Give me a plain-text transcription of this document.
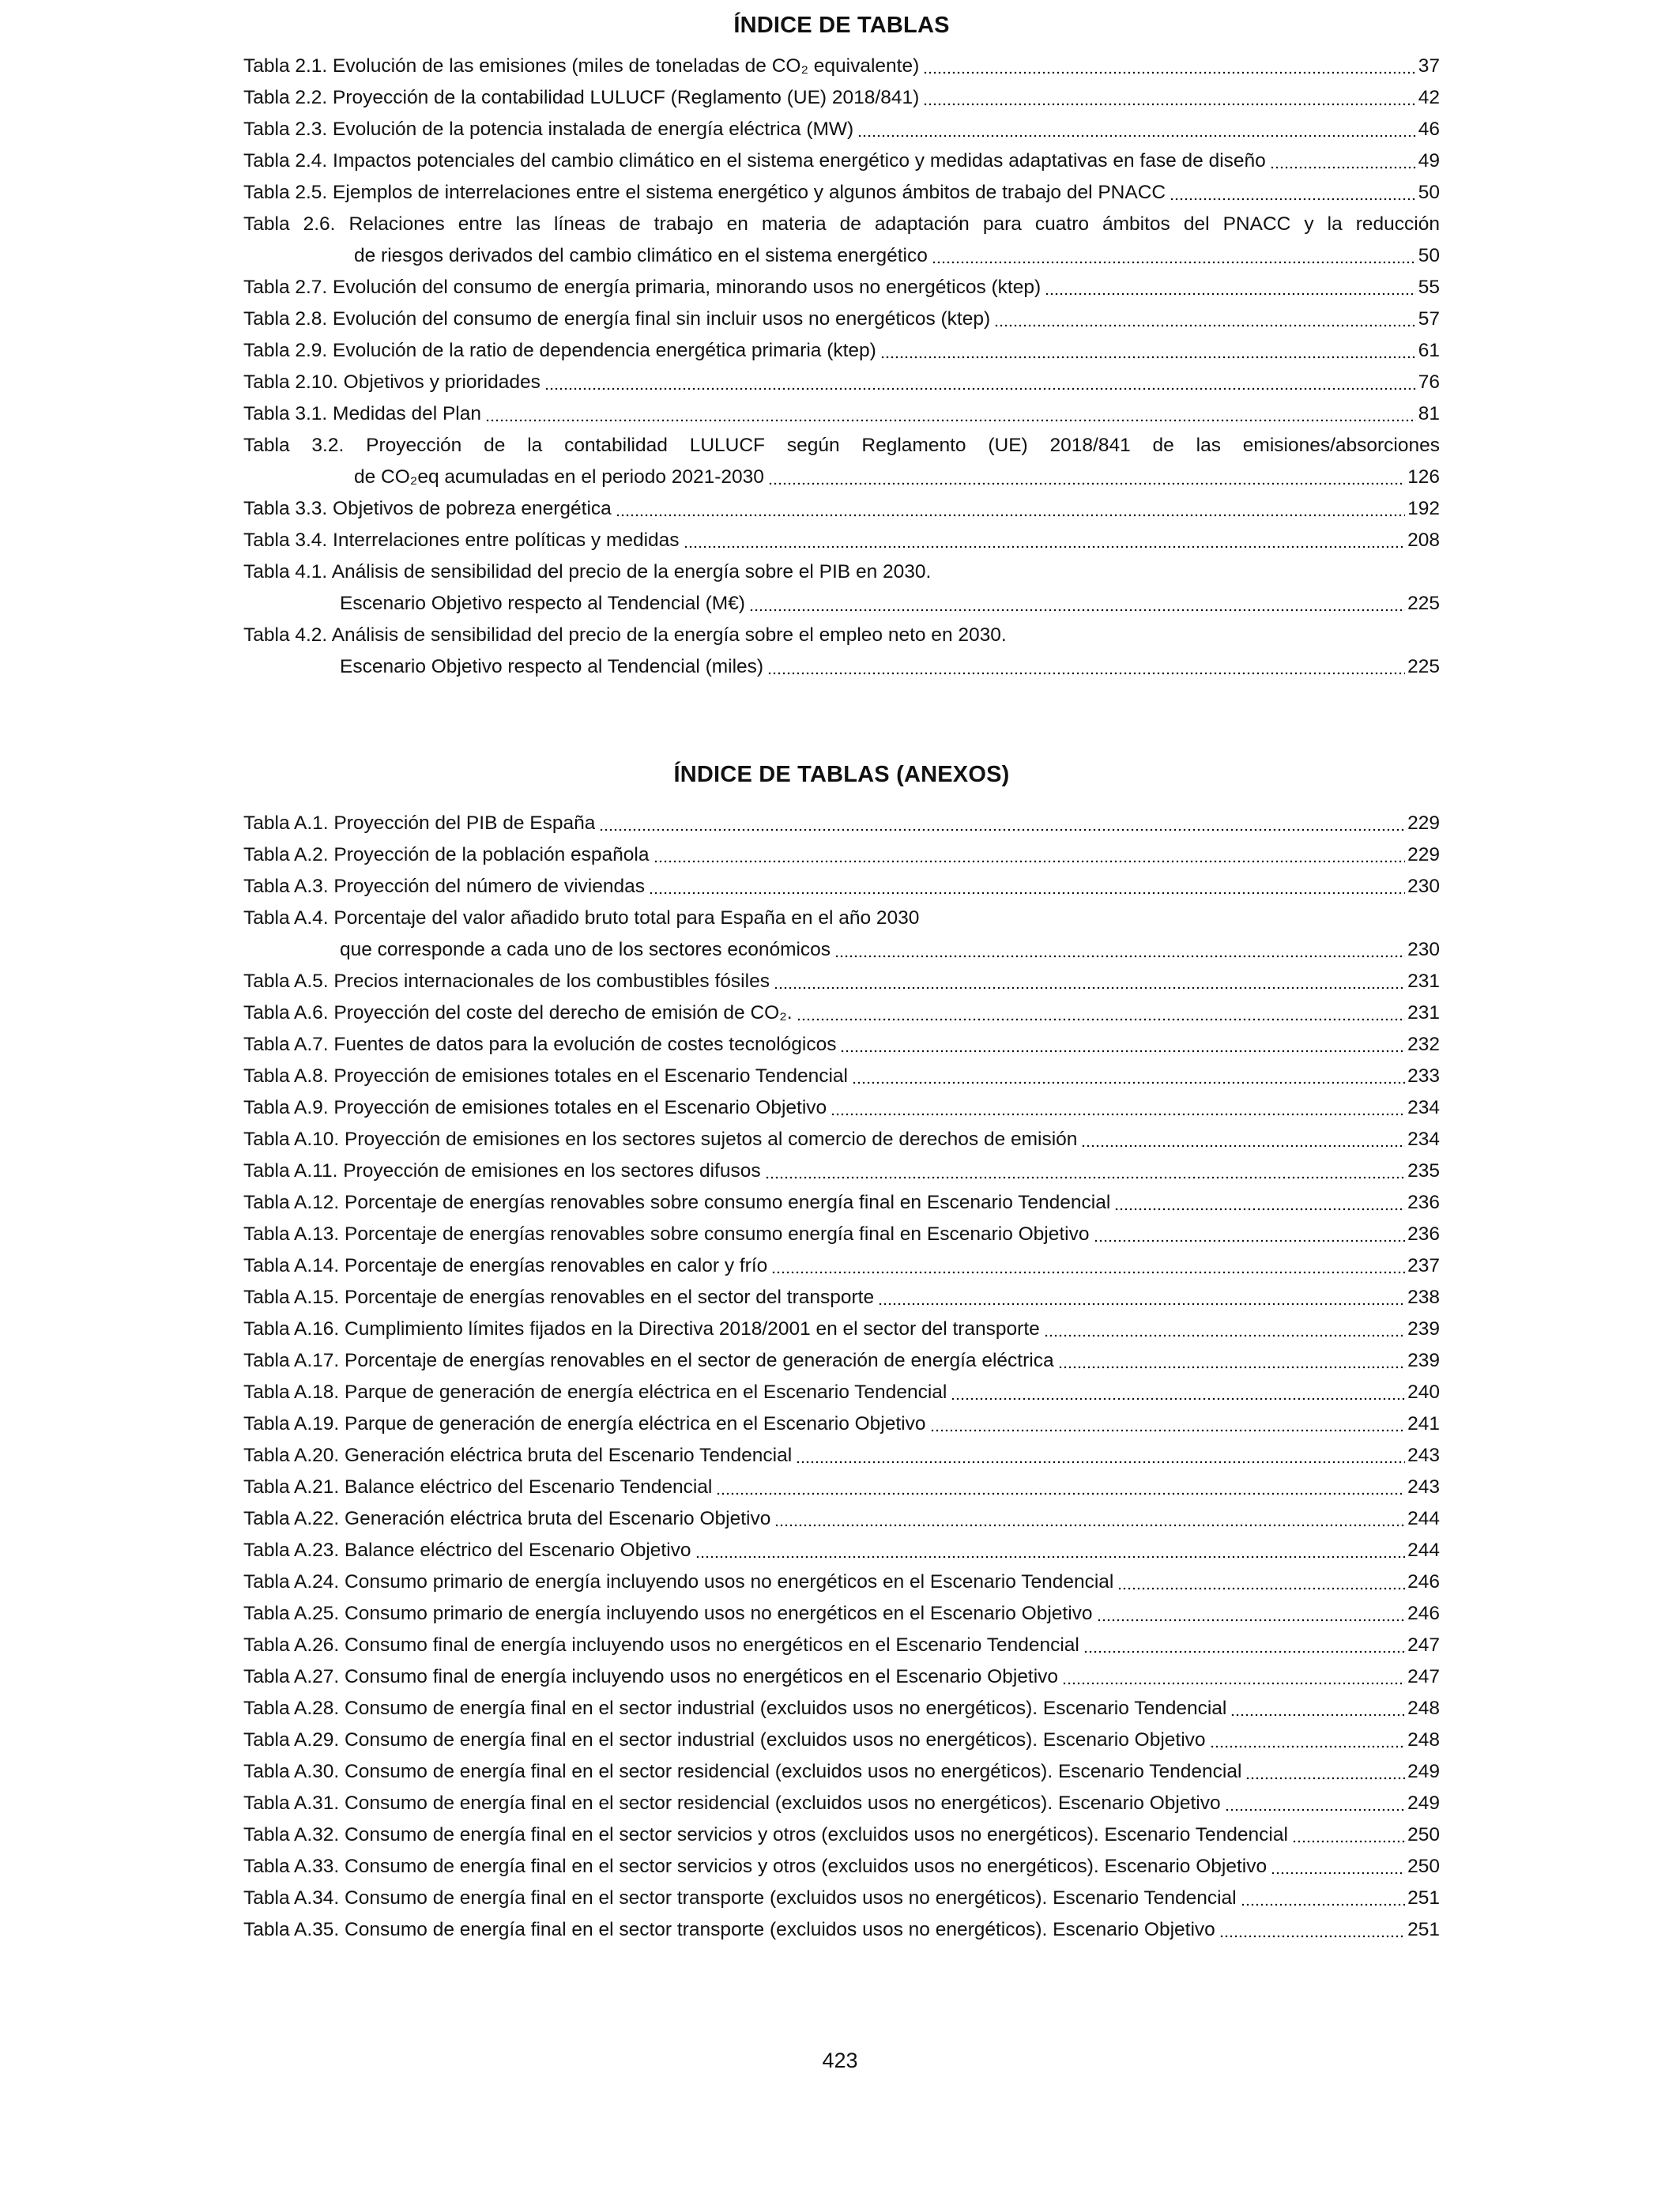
ÍNDICE DE TABLAS
Tabla 2.1. Evolución de las emisiones (miles de toneladas de CO₂ equivalente)	37
Tabla 2.2. Proyección de la contabilidad LULUCF (Reglamento (UE) 2018/841)	42
Tabla 2.3. Evolución de la potencia instalada de energía eléctrica (MW)	46
Tabla 2.4. Impactos potenciales del cambio climático en el sistema energético y medidas adaptativas en fase de diseño	49
Tabla 2.5. Ejemplos de interrelaciones entre el sistema energético y algunos ámbitos de trabajo del PNACC	50
Tabla 2.6. Relaciones entre las líneas de trabajo en materia de adaptación para cuatro ámbitos del PNACC y la reducción
de riesgos derivados del cambio climático en el sistema energético	50
Tabla 2.7. Evolución del consumo de energía primaria, minorando usos no energéticos (ktep)	55
Tabla 2.8. Evolución del consumo de energía final sin incluir usos no energéticos (ktep)	57
Tabla 2.9. Evolución de la ratio de dependencia energética primaria (ktep)	61
Tabla 2.10. Objetivos y prioridades	76
Tabla 3.1. Medidas del Plan	81
Tabla 3.2. Proyección de la contabilidad LULUCF según Reglamento (UE) 2018/841 de las emisiones/absorciones
de CO₂eq acumuladas en el periodo 2021-2030	126
Tabla 3.3. Objetivos de pobreza energética	192
Tabla 3.4. Interrelaciones entre políticas y medidas	208
Tabla 4.1. Análisis de sensibilidad del precio de la energía sobre el PIB en 2030.
Escenario Objetivo respecto al Tendencial (M€)	225
Tabla 4.2. Análisis de sensibilidad del precio de la energía sobre el empleo neto en 2030.
Escenario Objetivo respecto al Tendencial (miles)	225
ÍNDICE DE TABLAS (ANEXOS)
Tabla A.1. Proyección del PIB de España	229
Tabla A.2. Proyección de la población española	229
Tabla A.3. Proyección del número de viviendas	230
Tabla A.4. Porcentaje del valor añadido bruto total para España en el año 2030
que corresponde a cada uno de los sectores económicos	230
Tabla A.5. Precios internacionales de los combustibles fósiles	231
Tabla A.6. Proyección del coste del derecho de emisión de CO₂.	231
Tabla A.7. Fuentes de datos para la evolución de costes tecnológicos	232
Tabla A.8. Proyección de emisiones totales en el Escenario Tendencial	233
Tabla A.9. Proyección de emisiones totales en el Escenario Objetivo	234
Tabla A.10. Proyección de emisiones en los sectores sujetos al comercio de derechos de emisión	234
Tabla A.11. Proyección de emisiones en los sectores difusos	235
Tabla A.12. Porcentaje de energías renovables sobre consumo energía final en Escenario Tendencial	236
Tabla A.13. Porcentaje de energías renovables sobre consumo energía final en Escenario Objetivo	236
Tabla A.14. Porcentaje de energías renovables en calor y frío	237
Tabla A.15. Porcentaje de energías renovables en el sector del transporte	238
Tabla A.16. Cumplimiento límites fijados en la Directiva 2018/2001 en el sector del transporte	239
Tabla A.17. Porcentaje de energías renovables en el sector de generación de energía eléctrica	239
Tabla A.18. Parque de generación de energía eléctrica en el Escenario Tendencial	240
Tabla A.19. Parque de generación de energía eléctrica en el Escenario Objetivo	241
Tabla A.20. Generación eléctrica bruta del Escenario Tendencial	243
Tabla A.21. Balance eléctrico del Escenario Tendencial	243
Tabla A.22. Generación eléctrica bruta del Escenario Objetivo	244
Tabla A.23. Balance eléctrico del Escenario Objetivo	244
Tabla A.24. Consumo primario de energía incluyendo usos no energéticos en el Escenario Tendencial	246
Tabla A.25. Consumo primario de energía incluyendo usos no energéticos en el Escenario Objetivo	246
Tabla A.26. Consumo final de energía incluyendo usos no energéticos en el Escenario Tendencial	247
Tabla A.27. Consumo final de energía incluyendo usos no energéticos en el Escenario Objetivo	247
Tabla A.28. Consumo de energía final en el sector industrial (excluidos usos no energéticos). Escenario Tendencial	248
Tabla A.29. Consumo de energía final en el sector industrial (excluidos usos no energéticos). Escenario Objetivo	248
Tabla A.30. Consumo de energía final en el sector residencial (excluidos usos no energéticos). Escenario Tendencial	249
Tabla A.31. Consumo de energía final en el sector residencial (excluidos usos no energéticos). Escenario Objetivo	249
Tabla A.32. Consumo de energía final en el sector servicios y otros (excluidos usos no energéticos). Escenario Tendencial	250
Tabla A.33. Consumo de energía final en el sector servicios y otros (excluidos usos no energéticos). Escenario Objetivo	250
Tabla A.34. Consumo de energía final en el sector transporte (excluidos usos no energéticos). Escenario Tendencial	251
Tabla A.35. Consumo de energía final en el sector transporte (excluidos usos no energéticos). Escenario Objetivo	251
423
